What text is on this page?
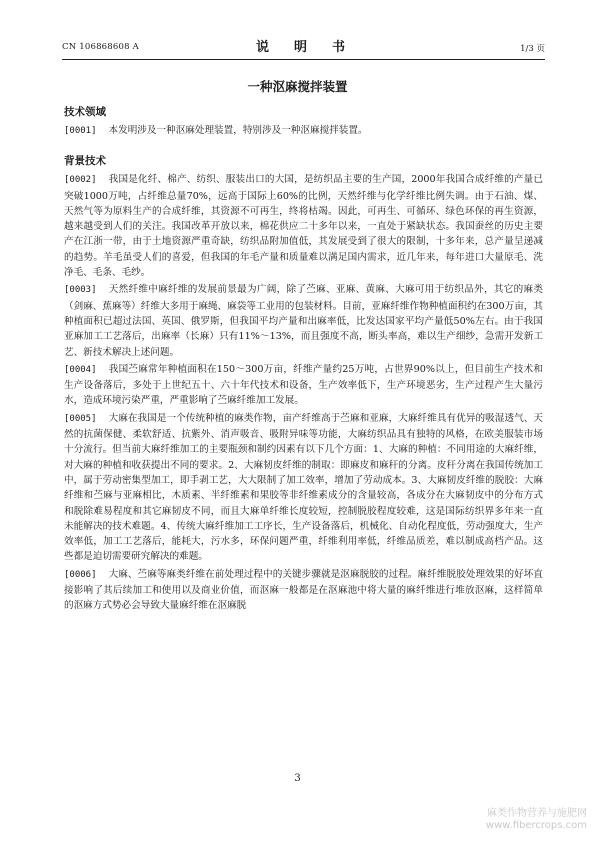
CN 106868608 A	说　明　书	1/3 页
一种沤麻搅拌装置
技术领域

[0001] 本发明涉及一种沤麻处理装置，特别涉及一种沤麻搅拌装置。

背景技术

[0002] 我国是化纤、棉产、纺织、服装出口的大国，是纺织品主要的生产国，2000年我国合成纤维的产量已突破1000万吨，占纤维总量70%，远高于国际上60%的比例，天然纤维与化学纤维比例失调。由于石油、煤、天然气等为原料生产的合成纤维，其资源不可再生，终将枯竭。因此，可再生、可循环、绿色环保的再生资源，越来越受到人们的关注。我国改革开放以来，棉花供应二十多年以来，一直处于紧缺状态。我国蚕丝的历史主要产在江浙一带，由于土地资源严重奇缺，纺织品附加值低，其发展受到了很大的限制，十多年来，总产量呈递减的趋势。羊毛虽受人们的喜爱，但我国的年毛产量和质量难以满足国内需求，近几年来，每年进口大量原毛、洗净毛、毛条、毛纱。

[0003] 天然纤维中麻纤维的发展前景最为广阔，除了苎麻、亚麻、黄麻、大麻可用于纺织品外，其它的麻类（剑麻、蕉麻等）纤维大多用于麻绳、麻袋等工业用的包装材料。目前，亚麻纤维作物种植面积约在300万亩，其种植面积已超过法国、英国、俄罗斯，但我国平均产量和出麻率低，比发达国家平均产量低50%左右。由于我国亚麻加工工艺落后，出麻率（长麻）只有11%～13%，而且强度不高，断头率高，难以生产细纱，急需开发新工艺、新技术解决上述问题。

[0004] 我国苎麻常年种植面积在150～300万亩，纤维产量约25万吨，占世界90%以上，但目前生产技术和生产设备落后，多处于上世纪五十、六十年代技术和设备，生产效率低下，生产环境恶劣，生产过程产生大量污水，造成环境污染严重，严重影响了苎麻纤维加工发展。

[0005] 大麻在我国是一个传统种植的麻类作物，亩产纤维高于苎麻和亚麻，大麻纤维具有优异的吸湿透气、天然的抗菌保健、柔软舒适、抗紫外、消声吸音、吸附异味等功能，大麻纺织品具有独特的风格，在欧美服装市场十分流行。但当前大麻纤维加工的主要瓶颈和制约因素有以下几个方面：1、大麻的种植：不同用途的大麻纤维，对大麻的种植和收获提出不同的要求。2、大麻韧皮纤维的制取：即麻皮和麻秆的分离。皮秆分离在我国传统加工中，属于劳动密集型加工，即手剥工艺，大大限制了加工效率，增加了劳动成本。3、大麻韧皮纤维的脱胶：大麻纤维和苎麻与亚麻相比，木质素、半纤维素和果胶等非纤维素成分的含量较高，各成分在大麻韧皮中的分布方式和脱除难易程度和其它麻韧皮不同，而且大麻单纤维长度较短，控制脱胶程度较难，这是国际纺织界多年来一直未能解决的技术难题。4、传统大麻纤维加工工序长，生产设备落后，机械化、自动化程度低，劳动强度大，生产效率低，加工工艺落后，能耗大，污水多，环保问题严重，纤维利用率低，纤维品质差，难以制成高档产品。这些都是迫切需要研究解决的难题。

[0006] 大麻、苎麻等麻类纤维在前处理过程中的关键步骤就是沤麻脱胶的过程。麻纤维脱胶处理效果的好坏直接影响了其后续加工和使用以及商业价值，而沤麻一般都是在沤麻池中将大量的麻纤维进行堆放沤麻，这样简单的沤麻方式势必会导致大量麻纤维在沤麻脱

3
麻类作物营养与施肥网
www.fibercrops.com
